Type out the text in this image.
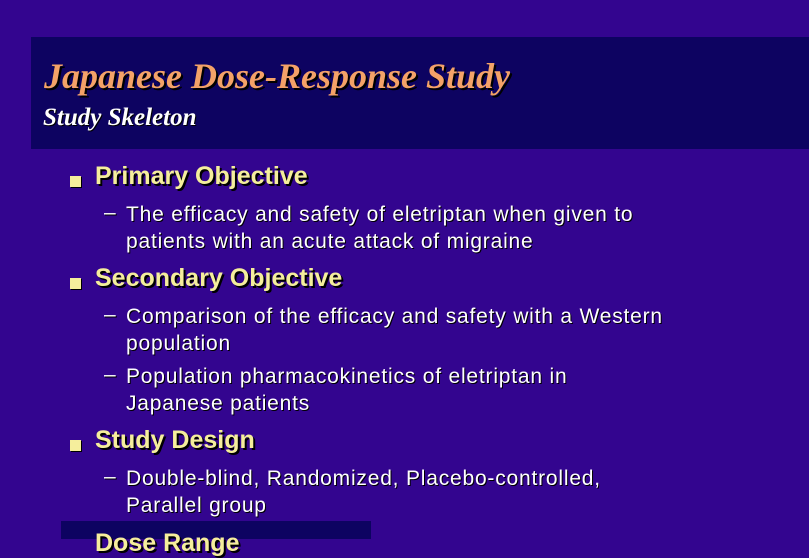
Japanese Dose-Response Study
Study Skeleton
Primary Objective
– The efficacy and safety of eletriptan when given to
patients with an acute attack of migraine

Secondary Objective
– Comparison of the efficacy and safety with a Western
population

– Population pharmacokinetics of eletriptan in
Japanese patients

Study Design
– Double-blind, Randomized, Placebo-controlled,
Parallel group

Dose Range
